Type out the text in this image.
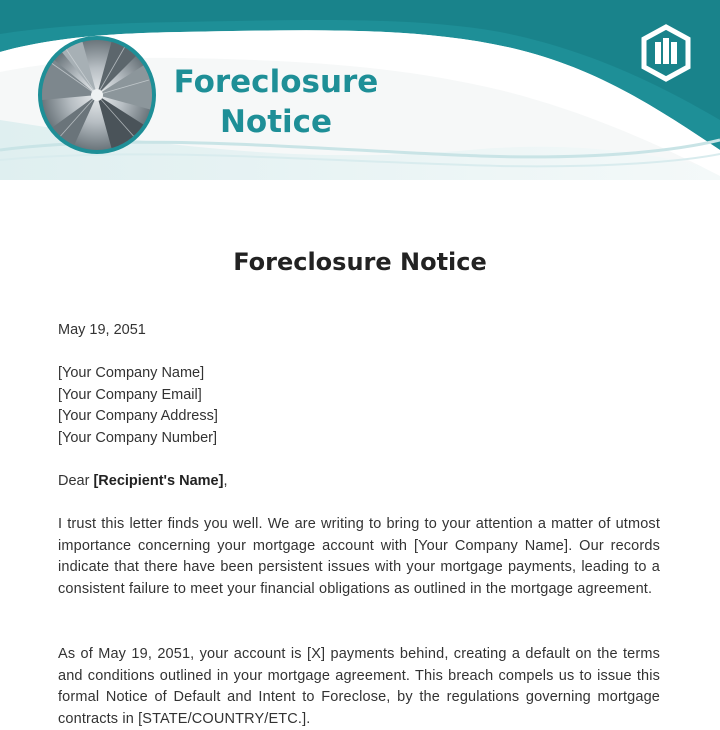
Foreclosure Notice
Foreclosure Notice
May 19, 2051
[Your Company Name]
[Your Company Email]
[Your Company Address]
[Your Company Number]
Dear [Recipient's Name],
I trust this letter finds you well. We are writing to bring to your attention a matter of utmost importance concerning your mortgage account with [Your Company Name]. Our records indicate that there have been persistent issues with your mortgage payments, leading to a consistent failure to meet your financial obligations as outlined in the mortgage agreement.
As of May 19, 2051, your account is [X] payments behind, creating a default on the terms and conditions outlined in your mortgage agreement. This breach compels us to issue this formal Notice of Default and Intent to Foreclose, by the regulations governing mortgage contracts in [STATE/COUNTRY/ETC.].
